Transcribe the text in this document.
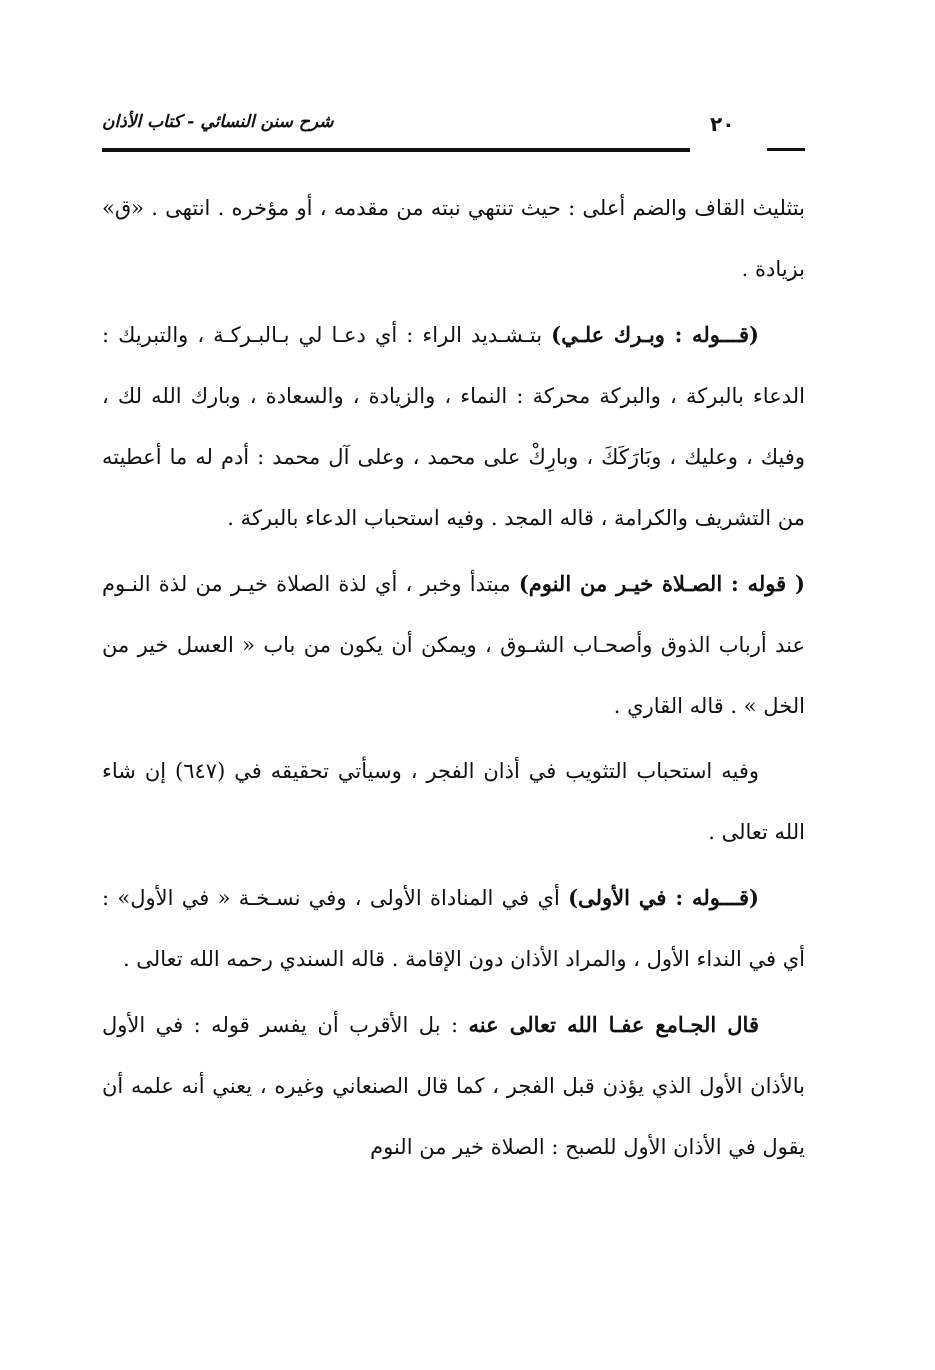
شرح سنن النسائي - كتاب الأذان	٢٠

بتثليث القاف والضم أعلى : حيث تنتهي نبته من مقدمه ، أو مؤخره . انتهى . «ق» بزيادة .

(قـــوله : وبـرك علـي) بتـشـديد الراء : أي دعـا لي بـالبـركـة ، والتبريك : الدعاء بالبركة ، والبركة محركة : النماء ، والزيادة ، والسعادة ، وبارك الله لك ، وفيك ، وعليك ، وبَارَكَكَ ، وبارِكْ على محمد ، وعلى آل محمد : أدم له ما أعطيته من التشريف والكرامة ، قاله المجد . وفيه استحباب الدعاء بالبركة .

( قوله : الصـلاة خيـر من النوم) مبتدأ وخبر ، أي لذة الصلاة خيـر من لذة النـوم عند أرباب الذوق وأصحـاب الشـوق ، ويمكن أن يكون من باب « العسل خير من الخل » . قاله القاري .

وفيه استحباب التثويب في أذان الفجر ، وسيأتي تحقيقه في (٦٤٧) إن شاء الله تعالى .

(قـــوله : في الأولى) أي في المناداة الأولى ، وفي نسـخـة « في الأول» : أي في النداء الأول ، والمراد الأذان دون الإقامة . قاله السندي رحمه الله تعالى .

قال الجـامع عفـا الله تعالى عنه : بل الأقرب أن يفسر قوله : في الأول بالأذان الأول الذي يؤذن قبل الفجر ، كما قال الصنعاني وغيره ، يعني أنه علمه أن يقول في الأذان الأول للصبح : الصلاة خير من النوم
